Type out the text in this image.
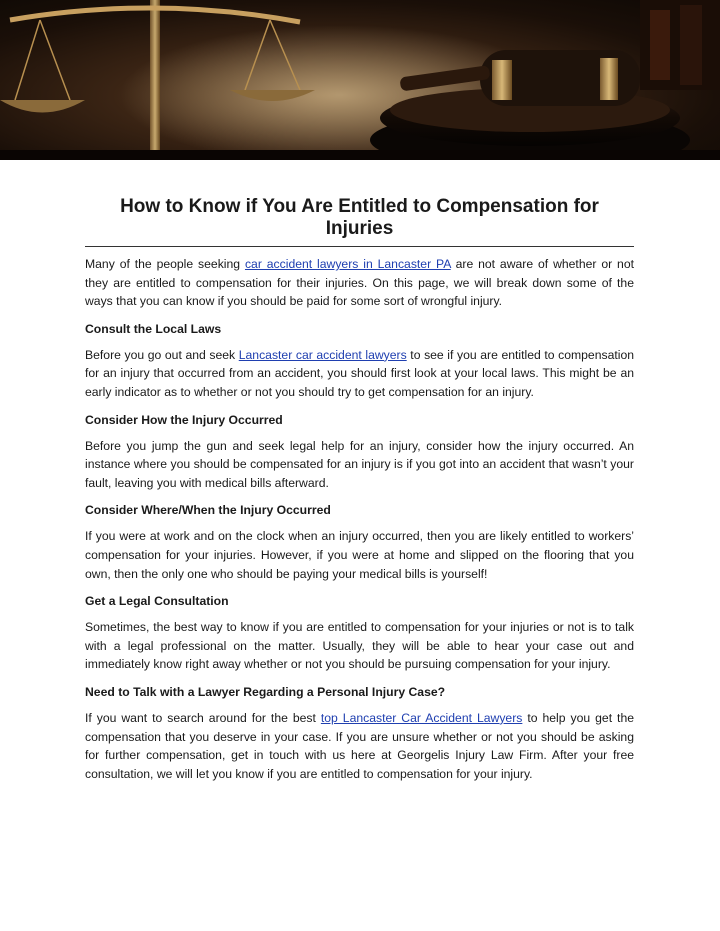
How to Know if You Are Entitled to Compensation for Injuries

Many of the people seeking car accident lawyers in Lancaster PA are not aware of whether or not they are entitled to compensation for their injuries. On this page, we will break down some of the ways that you can know if you should be paid for some sort of wrongful injury.

Consult the Local Laws

Before you go out and seek Lancaster car accident lawyers to see if you are entitled to compensation for an injury that occurred from an accident, you should first look at your local laws. This might be an early indicator as to whether or not you should try to get compensation for an injury.

Consider How the Injury Occurred

Before you jump the gun and seek legal help for an injury, consider how the injury occurred. An instance where you should be compensated for an injury is if you got into an accident that wasn’t your fault, leaving you with medical bills afterward.

Consider Where/When the Injury Occurred

If you were at work and on the clock when an injury occurred, then you are likely entitled to workers’ compensation for your injuries. However, if you were at home and slipped on the flooring that you own, then the only one who should be paying your medical bills is yourself!

Get a Legal Consultation

Sometimes, the best way to know if you are entitled to compensation for your injuries or not is to talk with a legal professional on the matter. Usually, they will be able to hear your case out and immediately know right away whether or not you should be pursuing compensation for your injury.

Need to Talk with a Lawyer Regarding a Personal Injury Case?

If you want to search around for the best top Lancaster Car Accident Lawyers to help you get the compensation that you deserve in your case. If you are unsure whether or not you should be asking for further compensation, get in touch with us here at Georgelis Injury Law Firm. After your free consultation, we will let you know if you are entitled to compensation for your injury.
